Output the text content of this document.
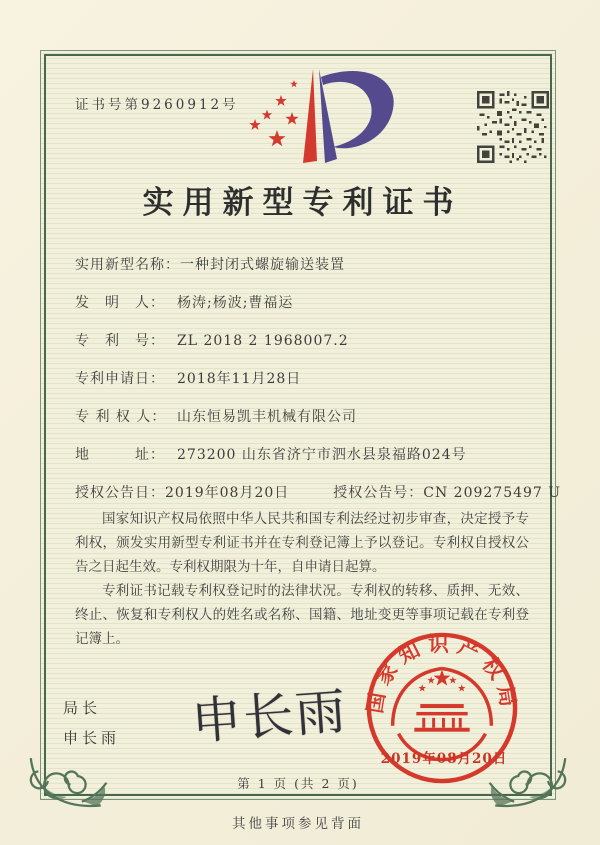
证书号第9260912号
实用新型专利证书
实用新型名称：一种封闭式螺旋输送装置
发　明　人： 杨涛;杨波;曹福运
专　利　号： ZL 2018 2 1968007.2
专利申请日： 2018年11月28日
专 利 权 人： 山东恒易凯丰机械有限公司
地　　　址： 273200 山东省济宁市泗水县泉福路024号
授权公告日：2019年08月20日	授权公告号：CN 209275497 U

国家知识产权局依照中华人民共和国专利法经过初步审查，决定授予专利权，颁发实用新型专利证书并在专利登记簿上予以登记。专利权自授权公告之日起生效。专利权期限为十年，自申请日起算。

专利证书记载专利权登记时的法律状况。专利权的转移、质押、无效、终止、恢复和专利权人的姓名或名称、国籍、地址变更等事项记载在专利登记簿上。

局长
申长雨 申长雨 国家知识产权局
2019年08月20日
第 1 页 (共 2 页)
其他事项参见背面
